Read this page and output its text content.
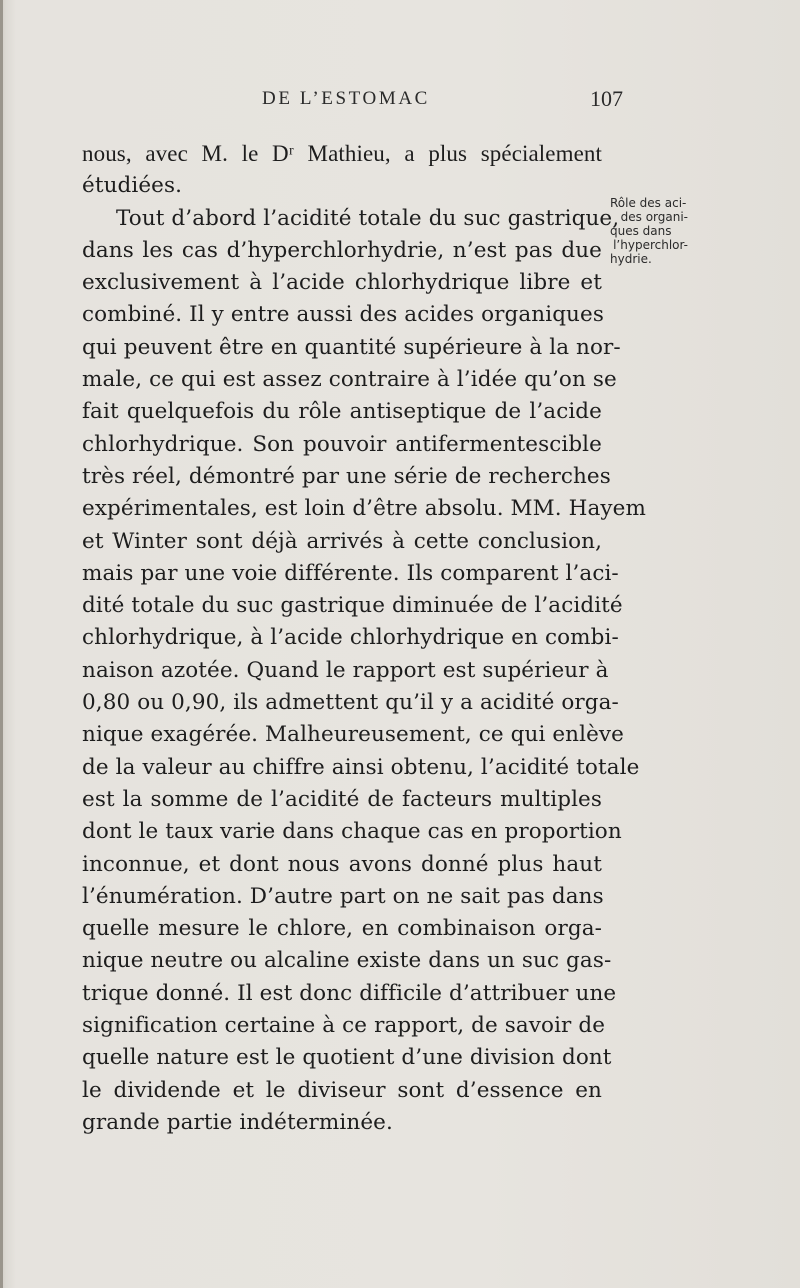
DE L’ESTOMAC	107
nous, avec M. le Dʳ Mathieu, a plus spécialement
étudiées.
Tout d’abord l’acidité totale du suc gastrique,
dans les cas d’hyperchlorhydrie, n’est pas due
exclusivement à l’acide chlorhydrique libre et
combiné. Il y entre aussi des acides organiques
qui peuvent être en quantité supérieure à la nor-
male, ce qui est assez contraire à l’idée qu’on se
fait quelquefois du rôle antiseptique de l’acide
chlorhydrique. Son pouvoir antifermentescible
très réel, démontré par une série de recherches
expérimentales, est loin d’être absolu. MM. Hayem
et Winter sont déjà arrivés à cette conclusion,
mais par une voie différente. Ils comparent l’aci-
dité totale du suc gastrique diminuée de l’acidité
chlorhydrique, à l’acide chlorhydrique en combi-
naison azotée. Quand le rapport est supérieur à
0,80 ou 0,90, ils admettent qu’il y a acidité orga-
nique exagérée. Malheureusement, ce qui enlève
de la valeur au chiffre ainsi obtenu, l’acidité totale
est la somme de l’acidité de facteurs multiples
dont le taux varie dans chaque cas en proportion
inconnue, et dont nous avons donné plus haut
l’énumération. D’autre part on ne sait pas dans
quelle mesure le chlore, en combinaison orga-
nique neutre ou alcaline existe dans un suc gas-
trique donné. Il est donc difficile d’attribuer une
signification certaine à ce rapport, de savoir de
quelle nature est le quotient d’une division dont
le dividende et le diviseur sont d’essence en
grande partie indéterminée.
Rôle des aci-
des organi-
ques dans
l’hyperchlor-
hydrie.
